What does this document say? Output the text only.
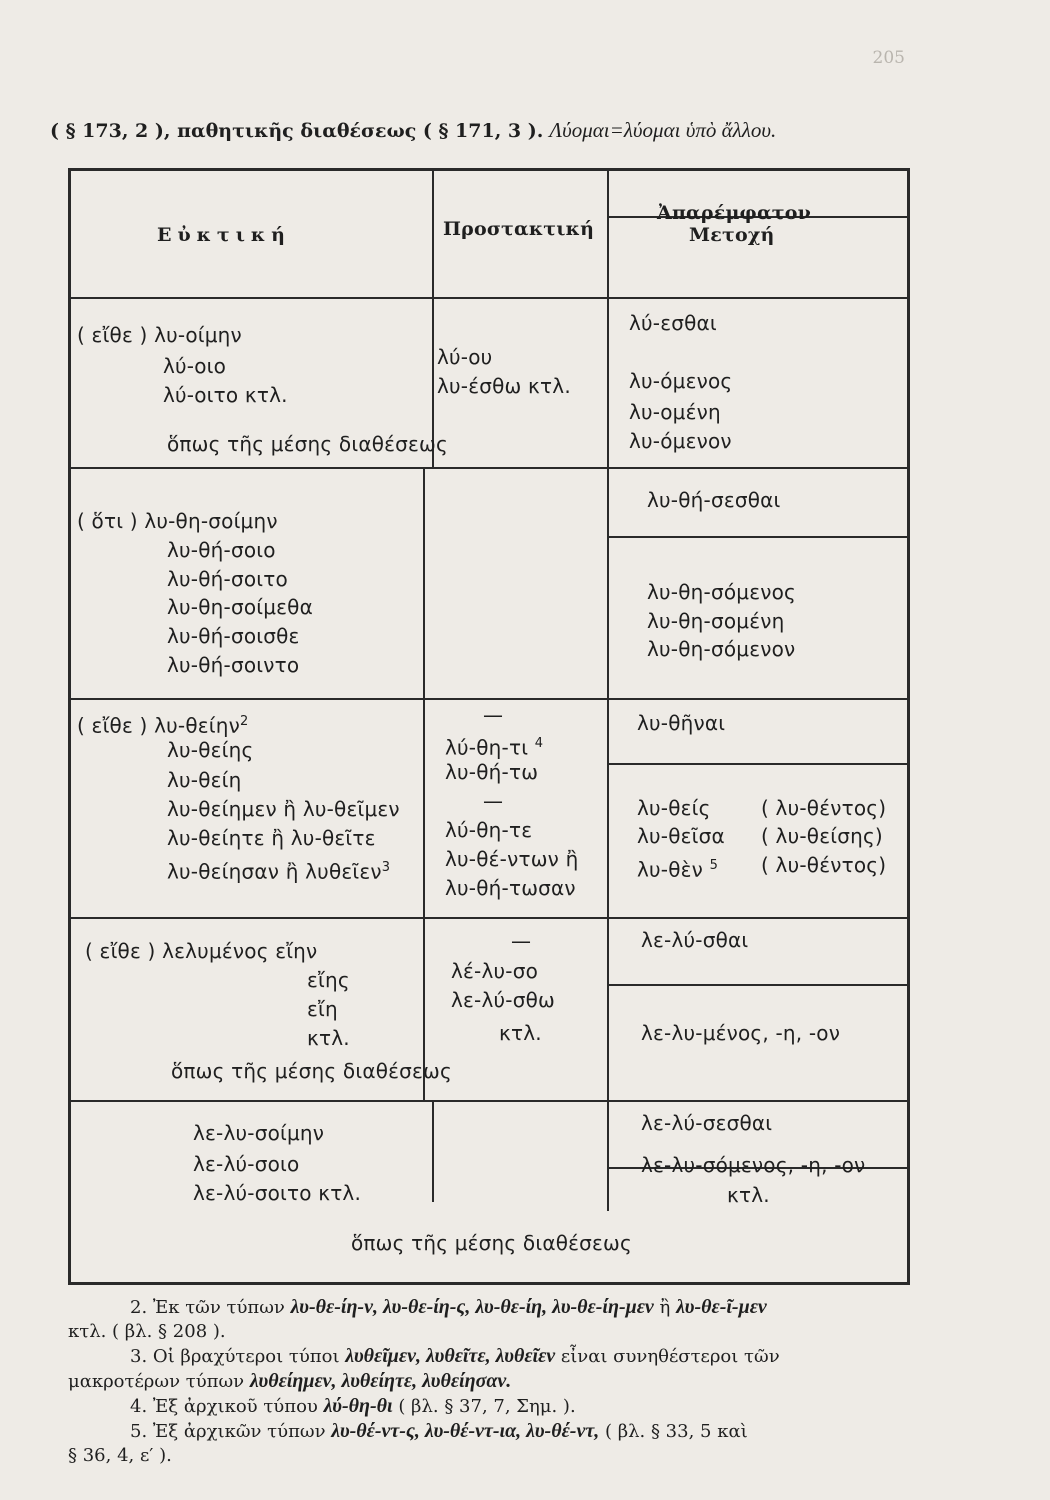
205
( § 173, 2 ), παθητικῆς διαθέσεως ( § 171, 3 ). Λύομαι=λύομαι ὑπὸ ἄλλου.
Εὐκτική	Προστακτική
Ἀπαρέμφατον
Μετοχή
( εἴθε ) λυ-οίμην
λύ-οιο
λύ-οιτο κτλ.
λύ-ου
λυ-έσθω κτλ.
λύ-εσθαι
λυ-όμενος
λυ-ομένη
λυ-όμενον
ὅπως τῆς μέσης διαθέσεως
( ὅτι ) λυ-θη-σοίμην
λυ-θή-σοιο
λυ-θή-σοιτο
λυ-θη-σοίμεθα
λυ-θή-σοισθε
λυ-θή-σοιντο
λυ-θή-σεσθαι
λυ-θη-σόμενος
λυ-θη-σομένη
λυ-θη-σόμενον
( εἴθε ) λυ-θείην$^2$
λυ-θείης
λυ-θείη
λυ-θείημεν ἢ λυ-θεῖμεν
λυ-θείητε ἢ λυ-θεῖτε
λυ-θείησαν ἢ λυθεῖεν$^3$
—
λύ-θη-τι $^4$
λυ-θή-τω
—
λύ-θη-τε
λυ-θέ-ντων ἢ
λυ-θή-τωσαν
λυ-θῆναι
λυ-θείς
λυ-θεῖσα
λυ-θὲν $^5$
( λυ-θέντος)
( λυ-θείσης)
( λυ-θέντος)
( εἴθε ) λελυμένος εἴην
εἴης
εἴη
κτλ.
—
λέ-λυ-σο
λε-λύ-σθω
κτλ.
λε-λύ-σθαι
λε-λυ-μένος, -η, -ον
ὅπως τῆς μέσης διαθέσεως
λε-λυ-σοίμην
λε-λύ-σοιο
λε-λύ-σοιτο κτλ.
λε-λύ-σεσθαι
λε-λυ-σόμενος, -η, -ον
κτλ.
ὅπως τῆς μέσης διαθέσεως
2. Ἐκ τῶν τύπων λυ-θε-ίη-ν, λυ-θε-ίη-ς, λυ-θε-ίη, λυ-θε-ίη-μεν ἢ λυ-θε-ῖ-μεν
κτλ. ( βλ. § 208 ).
3. Οἱ βραχύτεροι τύποι λυθεῖμεν, λυθεῖτε, λυθεῖεν εἶναι συνηθέστεροι τῶν
μακροτέρων τύπων λυθείημεν, λυθείητε, λυθείησαν.
4. Ἐξ ἀρχικοῦ τύπου λύ-θη-θι ( βλ. § 37, 7, Σημ. ).
5. Ἐξ ἀρχικῶν τύπων λυ-θέ-ντ-ς, λυ-θέ-ντ-ια, λυ-θέ-ντ, ( βλ. § 33, 5 καὶ
§ 36, 4, ε′ ).
